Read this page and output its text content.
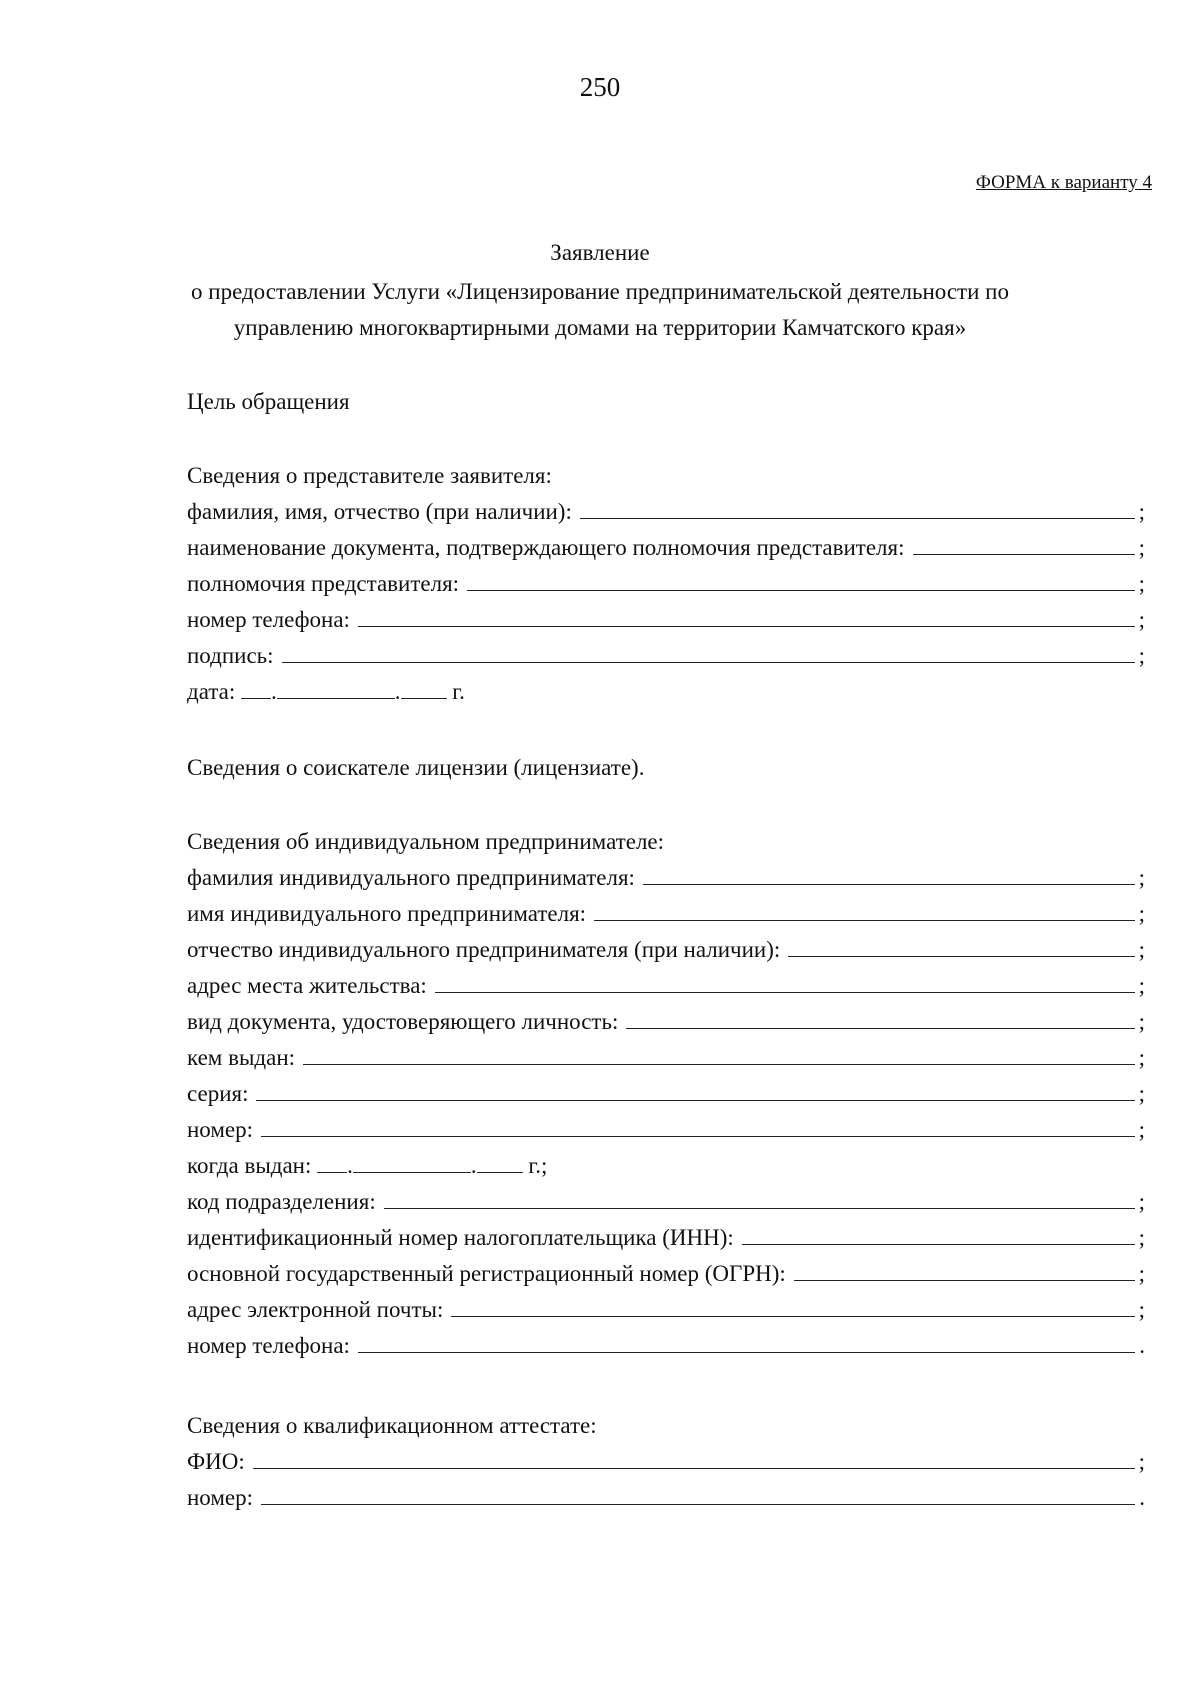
250
ФОРМА к варианту 4
Заявление
о предоставлении Услуги «Лицензирование предпринимательской деятельности по
управлению многоквартирными домами на территории Камчатского края»
Цель обращения
Сведения о представителе заявителя:
фамилия, имя, отчество (при наличии):	;
наименование документа, подтверждающего полномочия представителя:	;
полномочия представителя:	;
номер телефона:	;
подпись:	;
дата: .	. г.
Сведения о соискателе лицензии (лицензиате).
Сведения об индивидуальном предпринимателе:
фамилия индивидуального предпринимателя:	;
имя индивидуального предпринимателя:	;
отчество индивидуального предпринимателя (при наличии):	;
адрес места жительства:	;
вид документа, удостоверяющего личность:	;
кем выдан:	;
серия:	;
номер:	;
когда выдан: .	. г.;
код подразделения:	;
идентификационный номер налогоплательщика (ИНН):	;
основной государственный регистрационный номер (ОГРН):	;
адрес электронной почты:	;
номер телефона:	.
Сведения о квалификационном аттестате:
ФИО:	;
номер:	.
